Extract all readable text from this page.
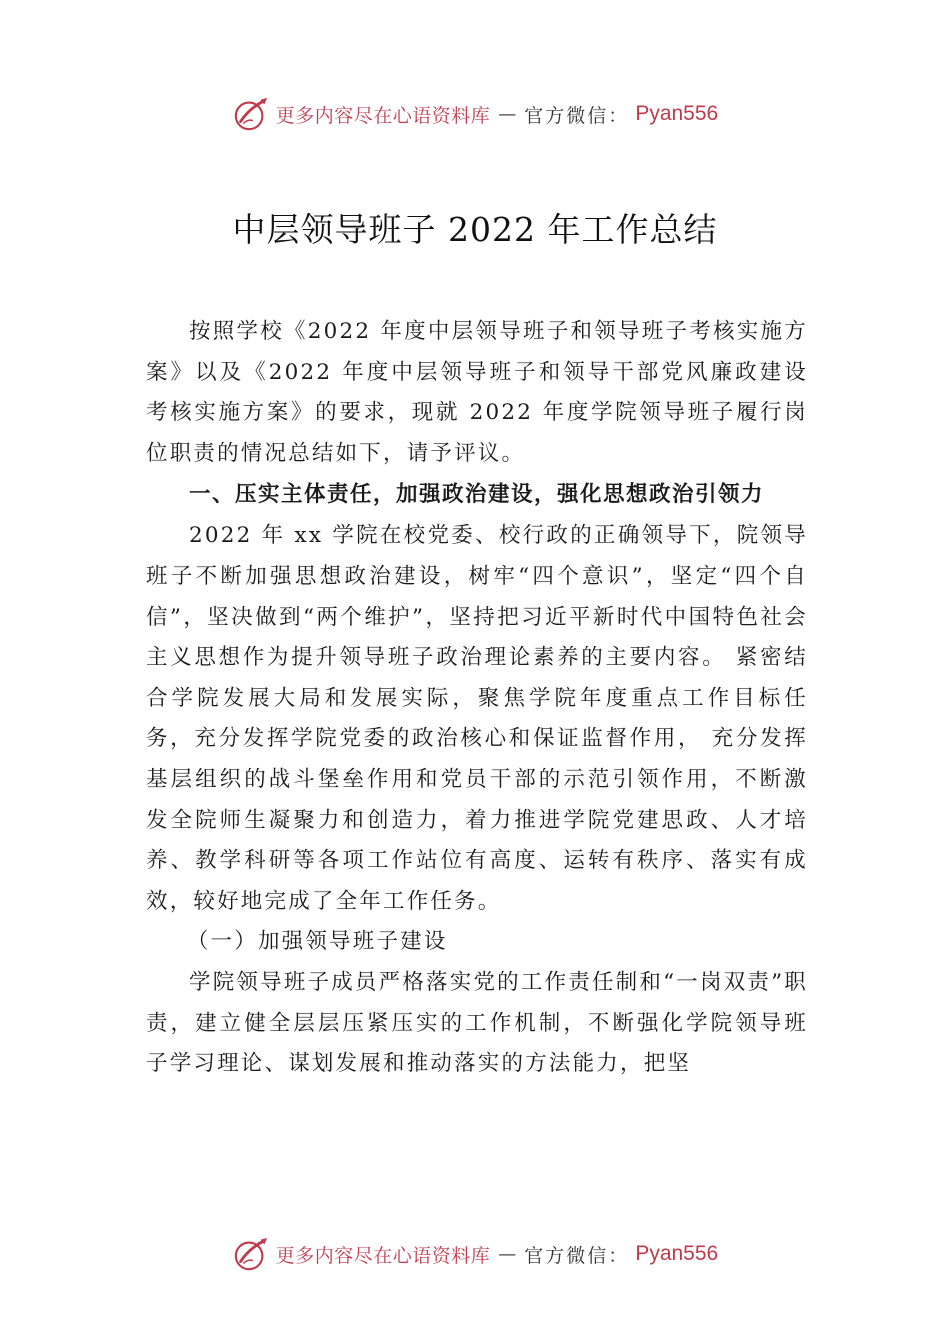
更多内容尽在心语资料库 — 官方微信： Pyan556
中层领导班子 2022 年工作总结

按照学校《2022 年度中层领导班子和领导班子考核实施方案》以及《2022 年度中层领导班子和领导干部党风廉政建设考核实施方案》的要求，现就 2022 年度学院领导班子履行岗位职责的情况总结如下，请予评议。

一、压实主体责任，加强政治建设，强化思想政治引领力

2022 年 xx 学院在校党委、校行政的正确领导下，院领导班子不断加强思想政治建设，树牢“四个意识”，坚定“四个自信”，坚决做到“两个维护”，坚持把习近平新时代中国特色社会主义思想作为提升领导班子政治理论素养的主要内容。 紧密结合学院发展大局和发展实际，聚焦学院年度重点工作目标任务，充分发挥学院党委的政治核心和保证监督作用， 充分发挥基层组织的战斗堡垒作用和党员干部的示范引领作用，不断激发全院师生凝聚力和创造力，着力推进学院党建思政、人才培养、教学科研等各项工作站位有高度、运转有秩序、落实有成效，较好地完成了全年工作任务。

（一）加强领导班子建设

学院领导班子成员严格落实党的工作责任制和“一岗双责”职责，建立健全层层压紧压实的工作机制，不断强化学院领导班子学习理论、谋划发展和推动落实的方法能力，把坚

更多内容尽在心语资料库 — 官方微信： Pyan556
